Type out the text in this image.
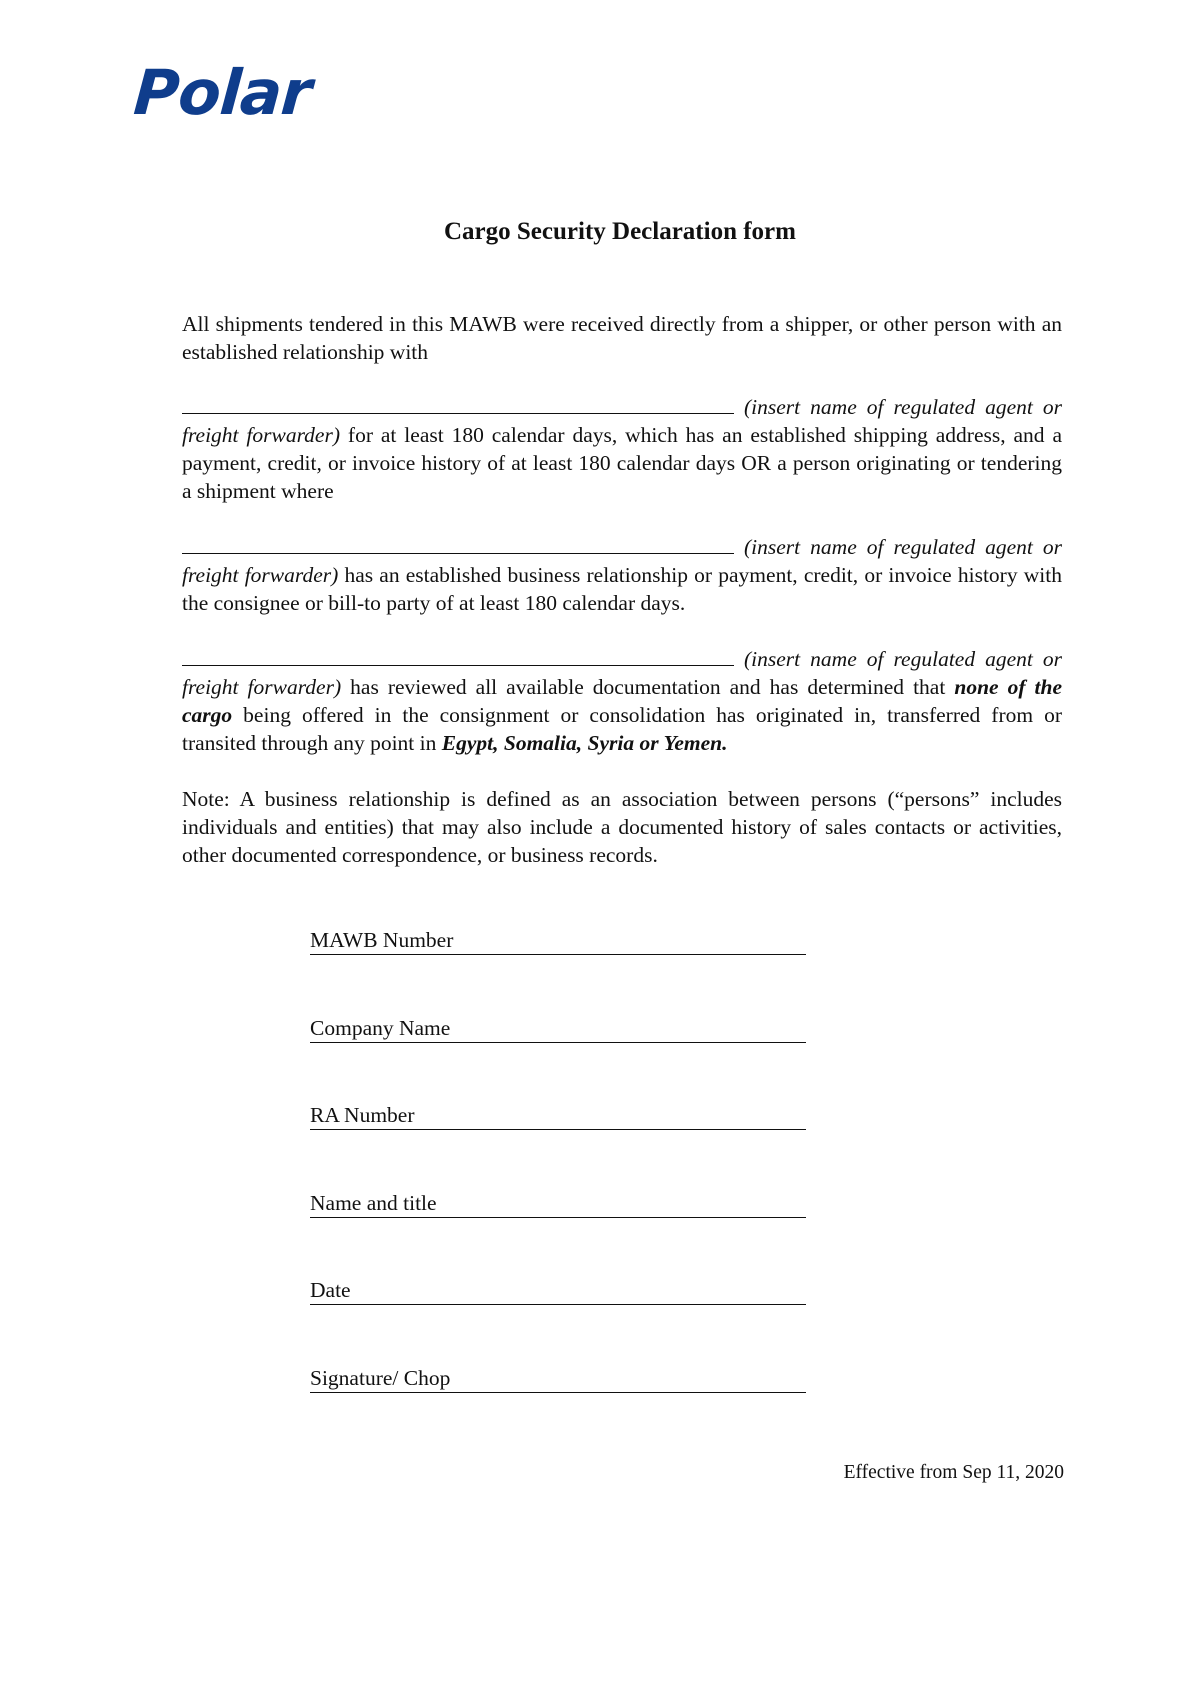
Polar
Cargo Security Declaration form
All shipments tendered in this MAWB were received directly from a shipper, or other person with an established relationship with
(insert name of regulated agent or freight forwarder) for at least 180 calendar days, which has an established shipping address, and a payment, credit, or invoice history of at least 180 calendar days OR a person originating or tendering a shipment where
(insert name of regulated agent or freight forwarder) has an established business relationship or payment, credit, or invoice history with the consignee or bill-to party of at least 180 calendar days.
(insert name of regulated agent or freight forwarder) has reviewed all available documentation and has determined that none of the cargo being offered in the consignment or consolidation has originated in, transferred from or transited through any point in Egypt, Somalia, Syria or Yemen.
Note: A business relationship is defined as an association between persons (“persons” includes individuals and entities) that may also include a documented history of sales contacts or activities, other documented correspondence, or business records.
MAWB Number
Company Name
RA Number
Name and title
Date
Signature/ Chop
Effective from Sep 11, 2020
